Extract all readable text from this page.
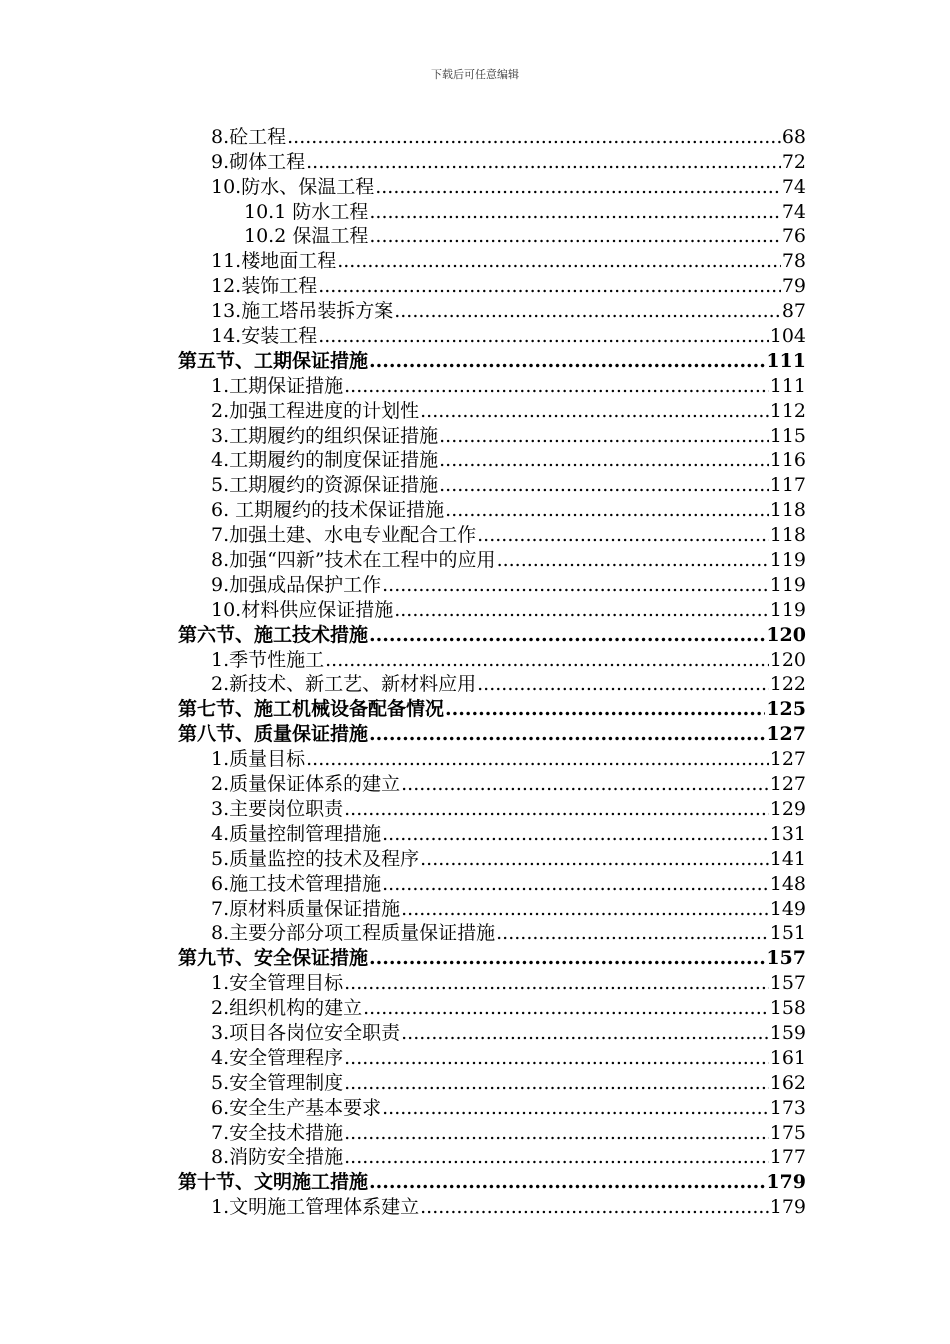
下载后可任意编辑
8.砼工程 .....	68
9.砌体工程 .....	72
10.防水、保温工程 .....	74
10.1 防水工程 .....	74
10.2 保温工程 .....	76
11.楼地面工程 .....	78
12.装饰工程 .....	79
13.施工塔吊装拆方案 .....	87
14.安装工程 .....	104
第五节、工期保证措施 .....	111
1.工期保证措施 .....	111
2.加强工程进度的计划性 .....	112
3.工期履约的组织保证措施 .....	115
4.工期履约的制度保证措施 .....	116
5.工期履约的资源保证措施 .....	117
6. 工期履约的技术保证措施 .....	118
7.加强土建、水电专业配合工作 .....	118
8.加强“四新”技术在工程中的应用 .....	119
9.加强成品保护工作 .....	119
10.材料供应保证措施 .....	119
第六节、施工技术措施 .....	120
1.季节性施工 .....	120
2.新技术、新工艺、新材料应用 .....	122
第七节、施工机械设备配备情况 .....	125
第八节、质量保证措施 .....	127
1.质量目标 .....	127
2.质量保证体系的建立 .....	127
3.主要岗位职责 .....	129
4.质量控制管理措施 .....	131
5.质量监控的技术及程序 .....	141
6.施工技术管理措施 .....	148
7.原材料质量保证措施 .....	149
8.主要分部分项工程质量保证措施 .....	151
第九节、安全保证措施 .....	157
1.安全管理目标 .....	157
2.组织机构的建立 .....	158
3.项目各岗位安全职责 .....	159
4.安全管理程序 .....	161
5.安全管理制度 .....	162
6.安全生产基本要求 .....	173
7.安全技术措施 .....	175
8.消防安全措施 .....	177
第十节、文明施工措施 .....	179
1.文明施工管理体系建立 .....	179
